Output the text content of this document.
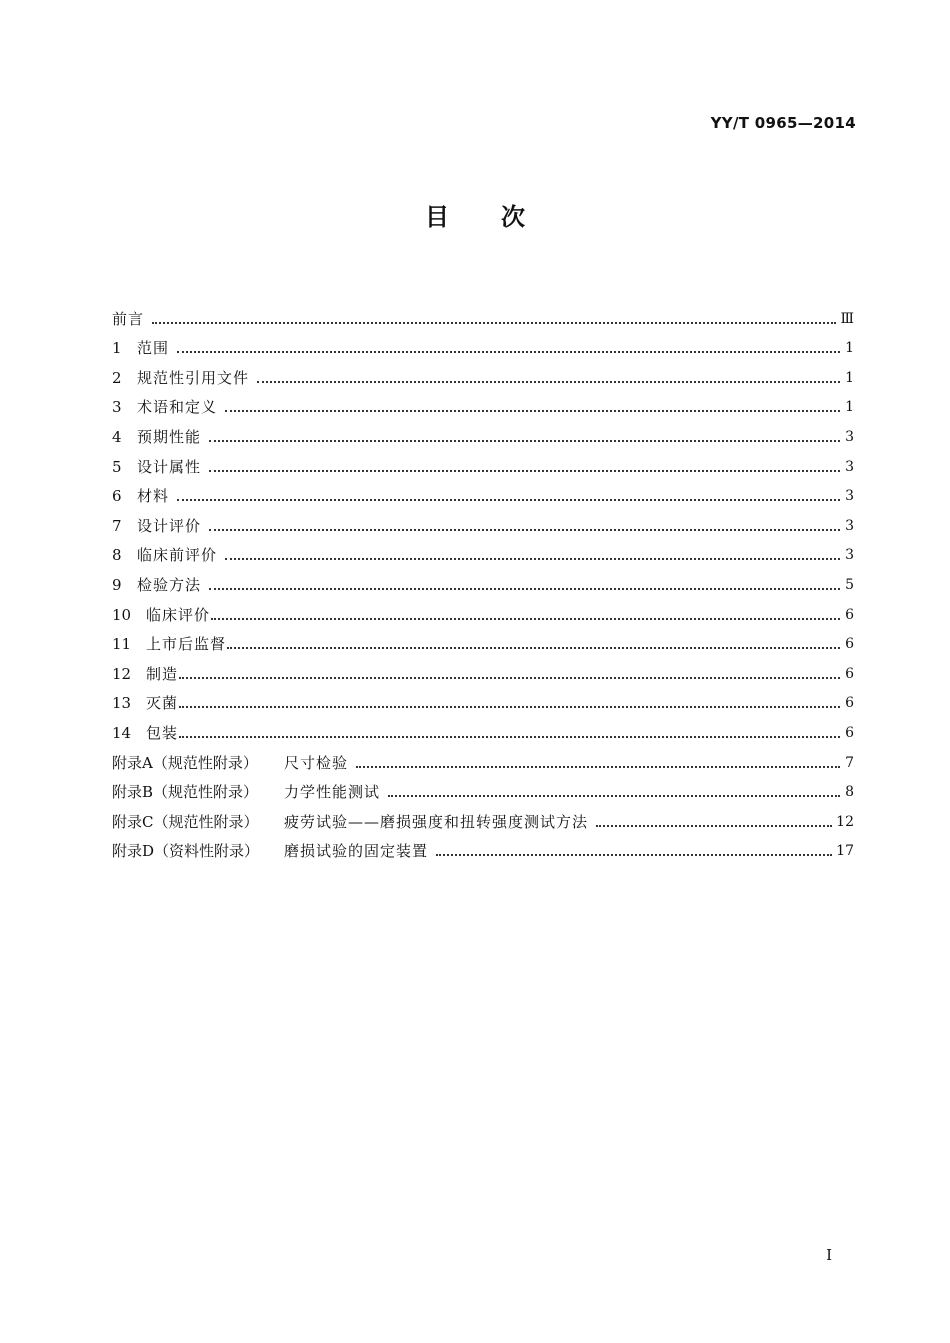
YY/T 0965—2014
目次
前言	Ⅲ
1	范围	1
2	规范性引用文件	1
3	术语和定义	1
4	预期性能	3
5	设计属性	3
6	材料	3
7	设计评价	3
8	临床前评价	3
9	检验方法	5
10 临床评价	6
11 上市后监督	6
12 制造	6
13 灭菌	6
14 包装	6
附录A（规范性附录）	尺寸检验	7
附录B（规范性附录）	力学性能测试	8
附录C（规范性附录）	疲劳试验——磨损强度和扭转强度测试方法	12
附录D（资料性附录）	磨损试验的固定装置	17
I
